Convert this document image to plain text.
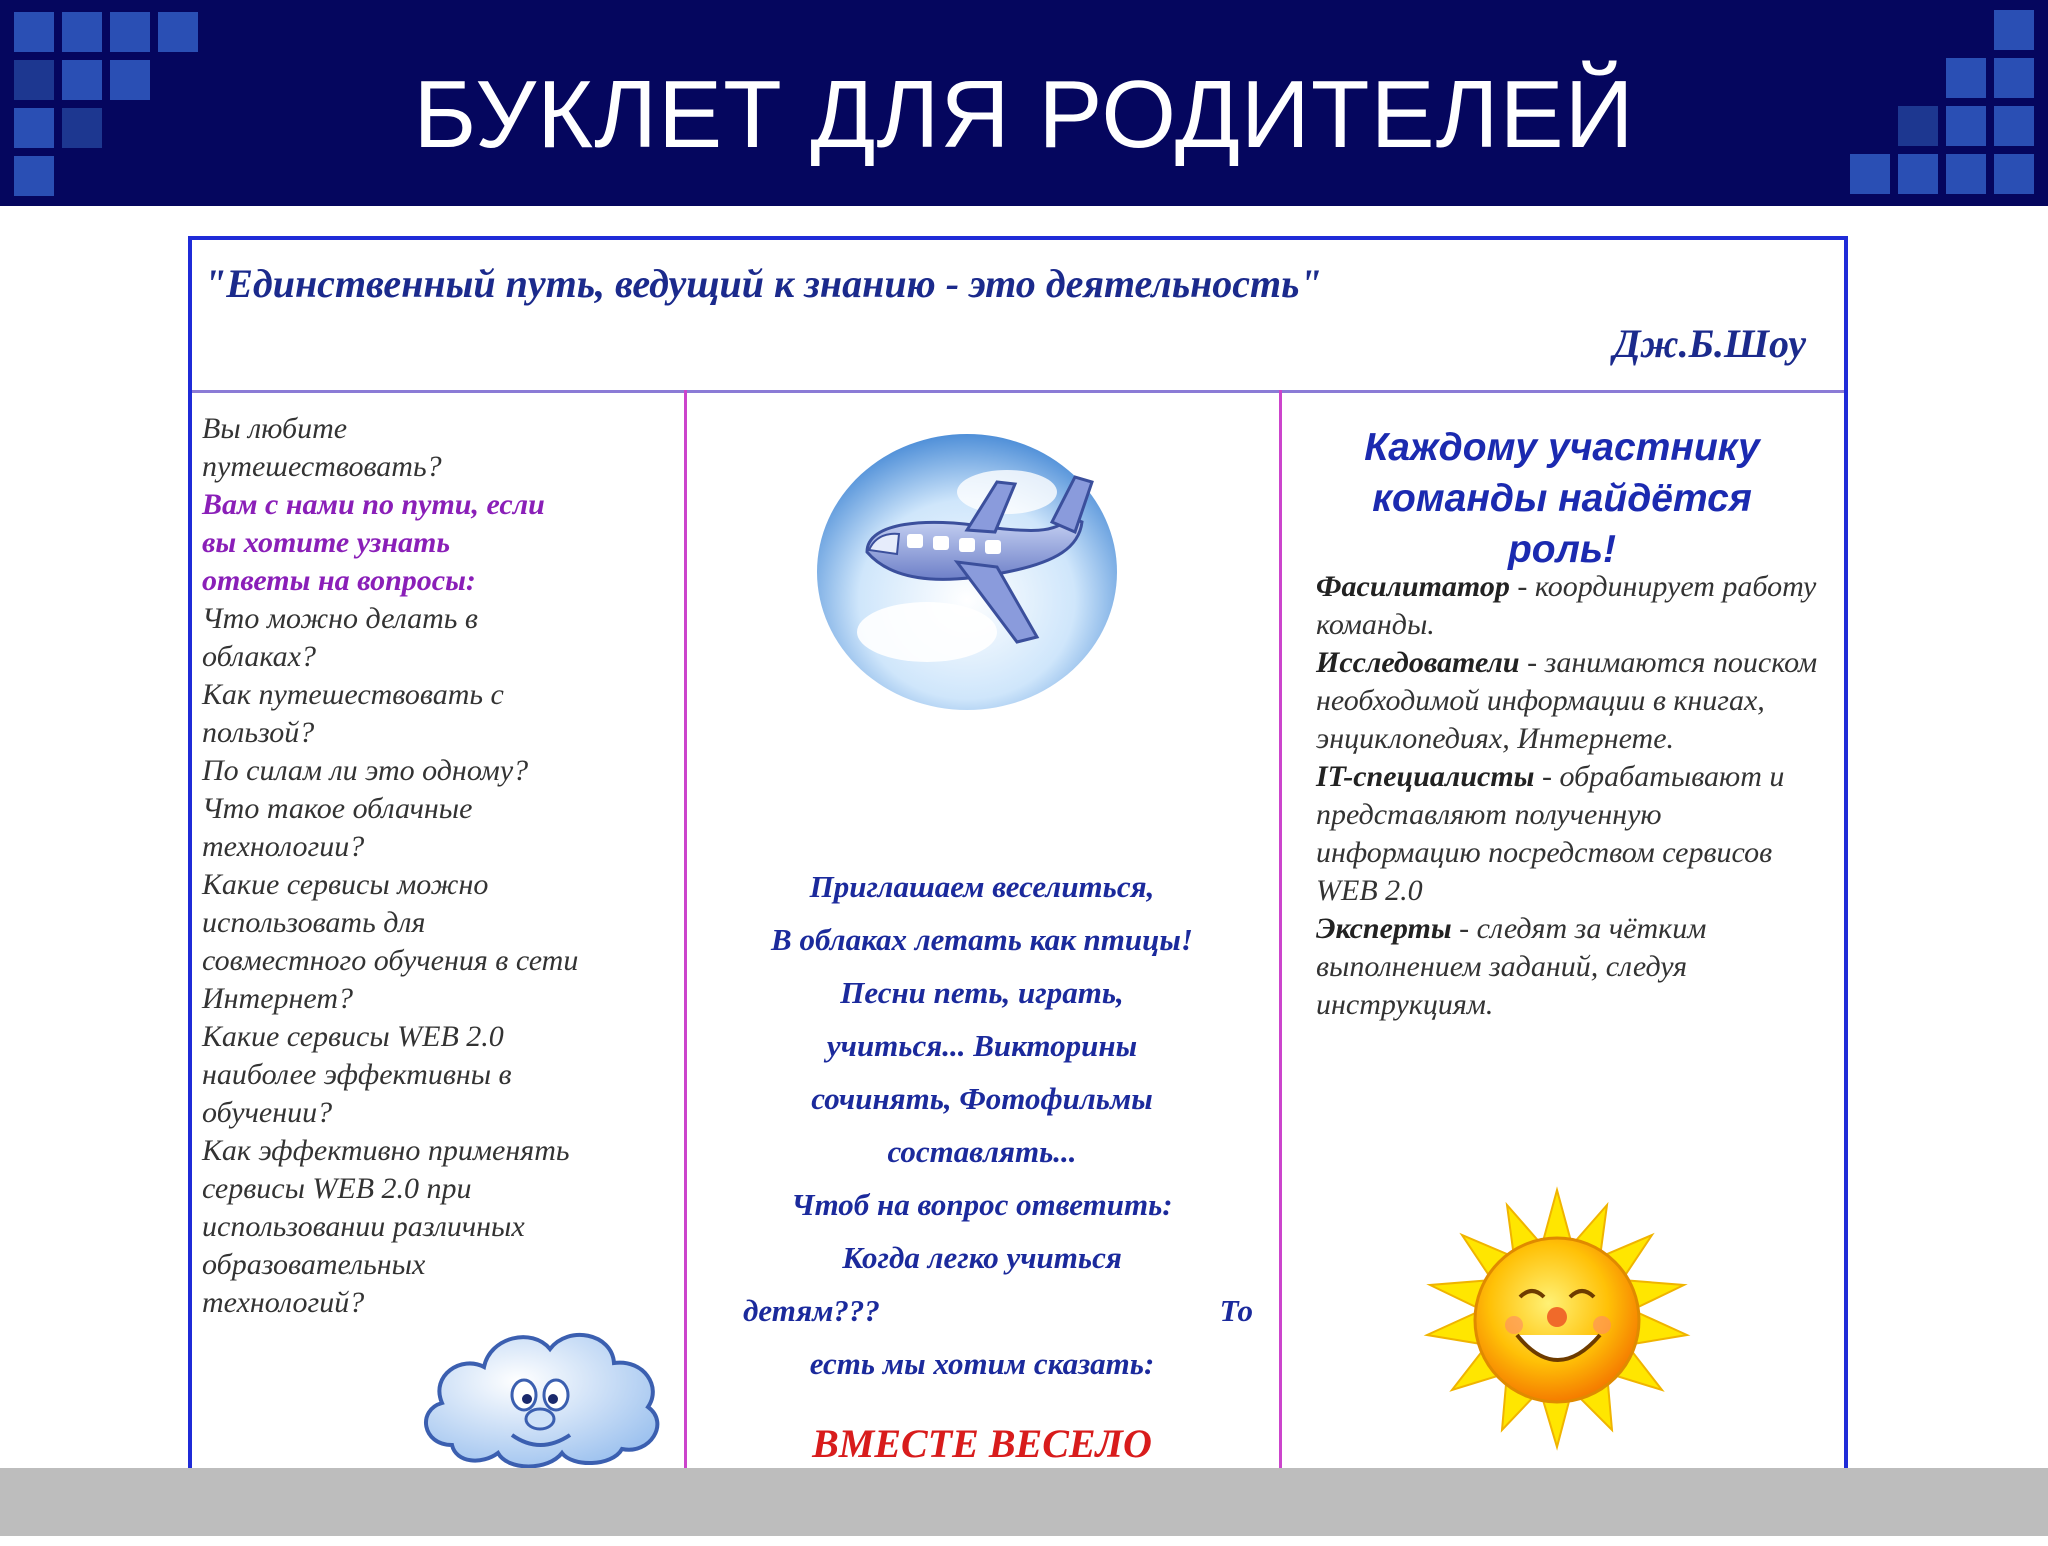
БУКЛЕТ ДЛЯ РОДИТЕЛЕЙ
"Единственный путь, ведущий к знанию - это деятельность"
Дж.Б.Шоу
Вы любите
путешествовать?
Вам с нами по пути, если
вы хотите узнать
ответы на вопросы:
Что можно делать в
облаках?
Как путешествовать с
пользой?
По силам ли это одному?
Что такое облачные
технологии?
Какие сервисы можно
использовать для
совместного обучения в сети
Интернет?
Какие сервисы WEB 2.0
наиболее эффективны в
обучении?
Как эффективно применять
сервисы WEB 2.0 при
использовании различных
образовательных
технологий?
Приглашаем веселиться,
В облаках летать как птицы!
Песни петь, играть,
учиться... Викторины
сочинять, Фотофильмы
составлять...
Чтоб на вопрос ответить:
Когда легко учиться
детям???	То
есть мы хотим сказать:
ВМЕСТЕ ВЕСЕЛО
Каждому участнику
команды найдётся
роль!
Фасилитатор - координирует работу команды.
Исследователи - занимаются поиском необходимой информации в книгах, энциклопедиях, Интернете.
IT-специалисты - обрабатывают и представляют полученную информацию посредством сервисов WEB 2.0
Эксперты - следят за чётким выполнением заданий, следуя инструкциям.
